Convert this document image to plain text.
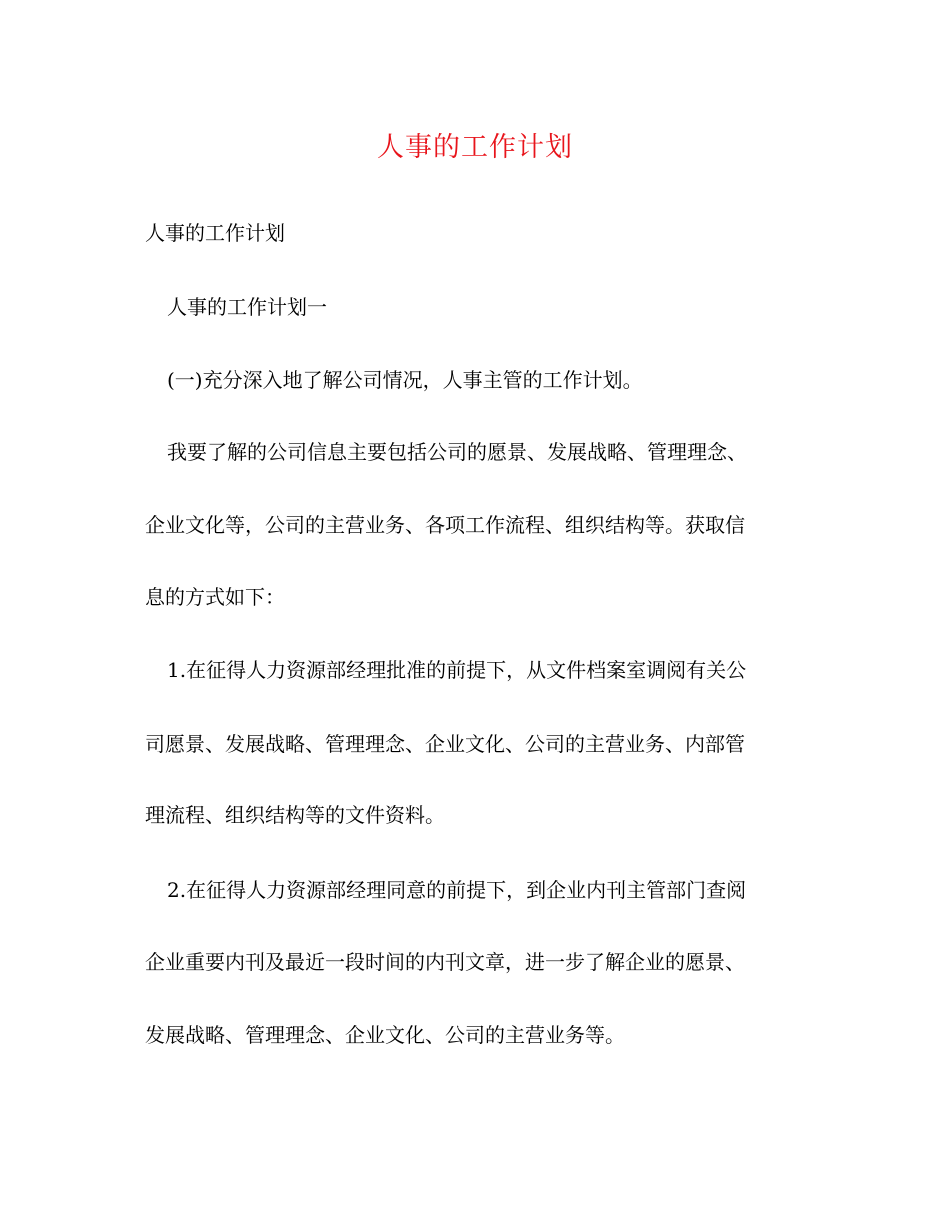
人事的工作计划

人事的工作计划

人事的工作计划一

(一)充分深入地了解公司情况，人事主管的工作计划。

我要了解的公司信息主要包括公司的愿景、发展战略、管理理念、

企业文化等，公司的主营业务、各项工作流程、组织结构等。获取信

息的方式如下：

1.在征得人力资源部经理批准的前提下，从文件档案室调阅有关公

司愿景、发展战略、管理理念、企业文化、公司的主营业务、内部管

理流程、组织结构等的文件资料。

2.在征得人力资源部经理同意的前提下，到企业内刊主管部门查阅

企业重要内刊及最近一段时间的内刊文章，进一步了解企业的愿景、

发展战略、管理理念、企业文化、公司的主营业务等。
